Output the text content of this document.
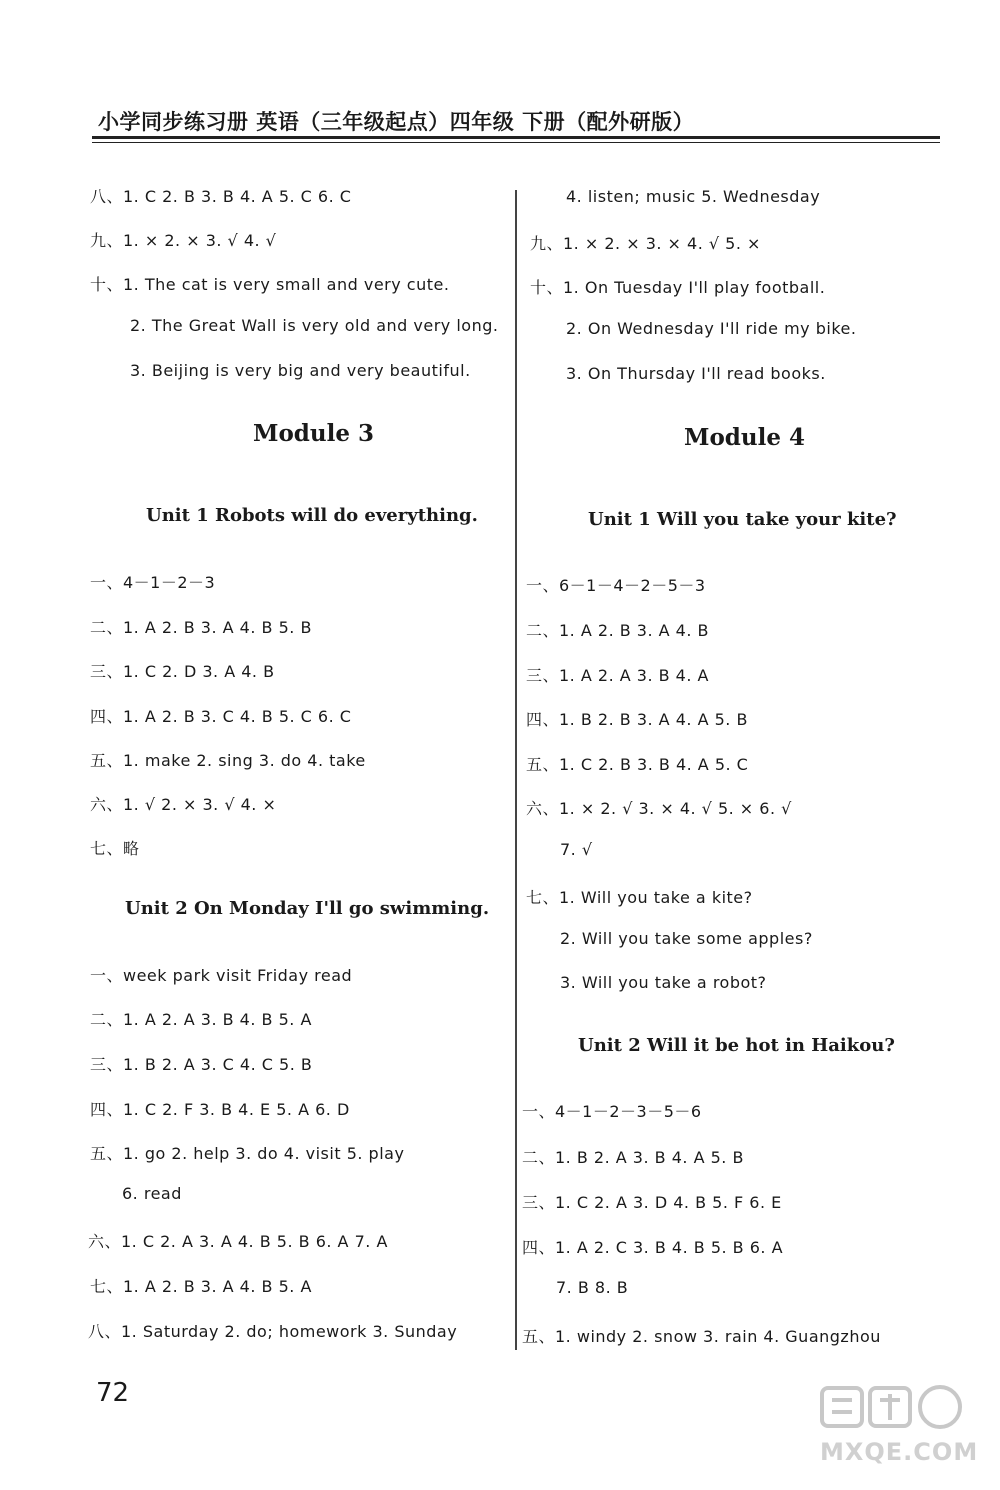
小学同步练习册 英语（三年级起点）四年级 下册（配外研版）
八、1. C 2. B 3. B 4. A 5. C 6. C
九、1. × 2. × 3. √ 4. √
十、1. The cat is very small and very cute.
2. The Great Wall is very old and very long.
3. Beijing is very big and very beautiful.
Module 3
Unit 1 Robots will do everything.
一、4－1－2－3
二、1. A 2. B 3. A 4. B 5. B
三、1. C 2. D 3. A 4. B
四、1. A 2. B 3. C 4. B 5. C 6. C
五、1. make 2. sing 3. do 4. take
六、1. √ 2. × 3. √ 4. ×
七、略
Unit 2 On Monday I'll go swimming.
一、week park visit Friday read
二、1. A 2. A 3. B 4. B 5. A
三、1. B 2. A 3. C 4. C 5. B
四、1. C 2. F 3. B 4. E 5. A 6. D
五、1. go 2. help 3. do 4. visit 5. play
6. read
六、1. C 2. A 3. A 4. B 5. B 6. A 7. A
七、1. A 2. B 3. A 4. B 5. A
八、1. Saturday 2. do; homework 3. Sunday
4. listen; music 5. Wednesday
九、1. × 2. × 3. × 4. √ 5. ×
十、1. On Tuesday I'll play football.
2. On Wednesday I'll ride my bike.
3. On Thursday I'll read books.
Module 4
Unit 1 Will you take your kite?
一、6－1－4－2－5－3
二、1. A 2. B 3. A 4. B
三、1. A 2. A 3. B 4. A
四、1. B 2. B 3. A 4. A 5. B
五、1. C 2. B 3. B 4. A 5. C
六、1. × 2. √ 3. × 4. √ 5. × 6. √
7. √
七、1. Will you take a kite?
2. Will you take some apples?
3. Will you take a robot?
Unit 2 Will it be hot in Haikou?
一、4－1－2－3－5－6
二、1. B 2. A 3. B 4. A 5. B
三、1. C 2. A 3. D 4. B 5. F 6. E
四、1. A 2. C 3. B 4. B 5. B 6. A
7. B 8. B
五、1. windy 2. snow 3. rain 4. Guangzhou
72
MXQE.COM
